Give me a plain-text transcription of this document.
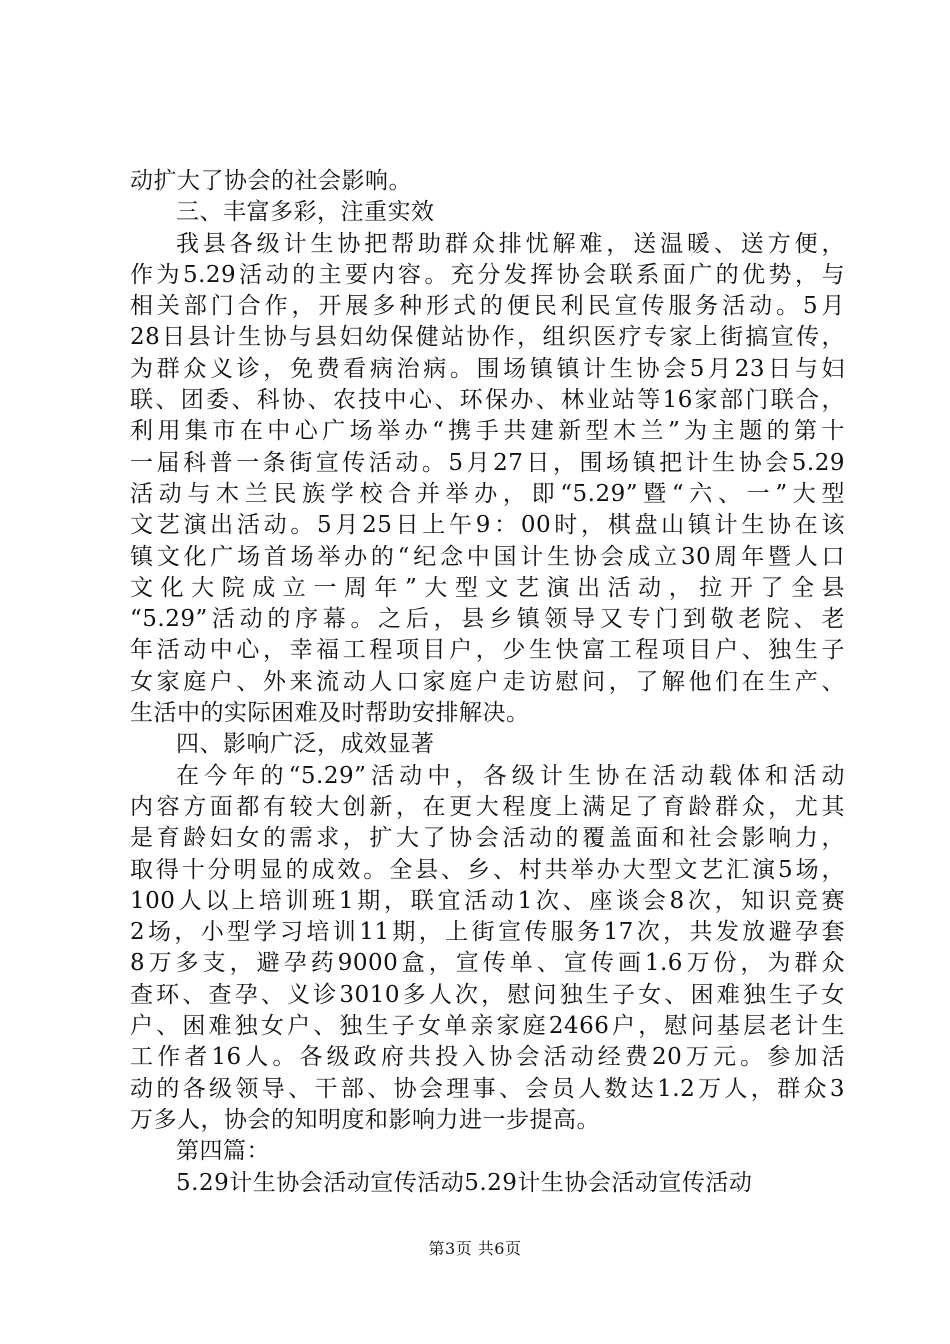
动扩大了协会的社会影响。
三、丰富多彩，注重实效
我县各级计生协把帮助群众排忧解难，送温暖、送方便，
作为5.29活动的主要内容。充分发挥协会联系面广的优势，与
相关部门合作，开展多种形式的便民利民宣传服务活动。5月
28日县计生协与县妇幼保健站协作，组织医疗专家上街搞宣传，
为群众义诊，免费看病治病。围场镇镇计生协会5月23日与妇
联、团委、科协、农技中心、环保办、林业站等16家部门联合，
利用集市在中心广场举办“携手共建新型木兰”为主题的第十
一届科普一条街宣传活动。5月27日，围场镇把计生协会5.29
活动与木兰民族学校合并举办，即“5.29”暨“六、一”大型
文艺演出活动。5月25日上午9：00时，棋盘山镇计生协在该
镇文化广场首场举办的“纪念中国计生协会成立30周年暨人口
文化大院成立一周年”大型文艺演出活动，拉开了全县
“5.29”活动的序幕。之后，县乡镇领导又专门到敬老院、老
年活动中心，幸福工程项目户，少生快富工程项目户、独生子
女家庭户、外来流动人口家庭户走访慰问，了解他们在生产、
生活中的实际困难及时帮助安排解决。
四、影响广泛，成效显著
在今年的“5.29”活动中，各级计生协在活动载体和活动
内容方面都有较大创新，在更大程度上满足了育龄群众，尤其
是育龄妇女的需求，扩大了协会活动的覆盖面和社会影响力，
取得十分明显的成效。全县、乡、村共举办大型文艺汇演5场，
100人以上培训班1期，联宜活动1次、座谈会8次，知识竞赛
2场，小型学习培训11期，上街宣传服务17次，共发放避孕套
8万多支，避孕药9000盒，宣传单、宣传画1.6万份，为群众
查环、查孕、义诊3010多人次，慰问独生子女、困难独生子女
户、困难独女户、独生子女单亲家庭2466户，慰问基层老计生
工作者16人。各级政府共投入协会活动经费20万元。参加活
动的各级领导、干部、协会理事、会员人数达1.2万人，群众3
万多人，协会的知明度和影响力进一步提高。
第四篇：
5.29计生协会活动宣传活动5.29计生协会活动宣传活动
第3页 共6页
